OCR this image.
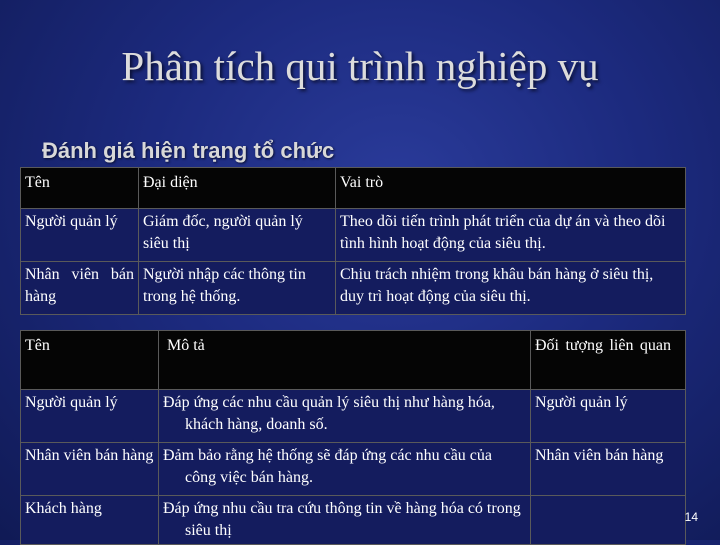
Phân tích qui trình nghiệp vụ
Đánh giá hiện trạng tổ chức
Tên	Đại diện	Vai trò
Người quản lý	Giám đốc, người quản lý siêu thị	Theo dõi tiến trình phát triển của dự án và theo dõi tình hình hoạt động của siêu thị.
Nhân viên bán hàng	Người nhập các thông tin trong hệ thống.	Chịu trách nhiệm trong khâu bán hàng ở siêu thị, duy trì hoạt động của siêu thị.
Tên	Mô tả	Đối tượng liên quan
Người quản lý	Đáp ứng các nhu cầu quản lý siêu thị như hàng hóa, khách hàng, doanh số.	Người quản lý
Nhân viên bán hàng	Đảm bảo rằng hệ thống sẽ đáp ứng các nhu cầu của công việc bán hàng.	Nhân viên bán hàng
Khách hàng	Đáp ứng nhu cầu tra cứu thông tin về hàng hóa có trong siêu thị	
14
